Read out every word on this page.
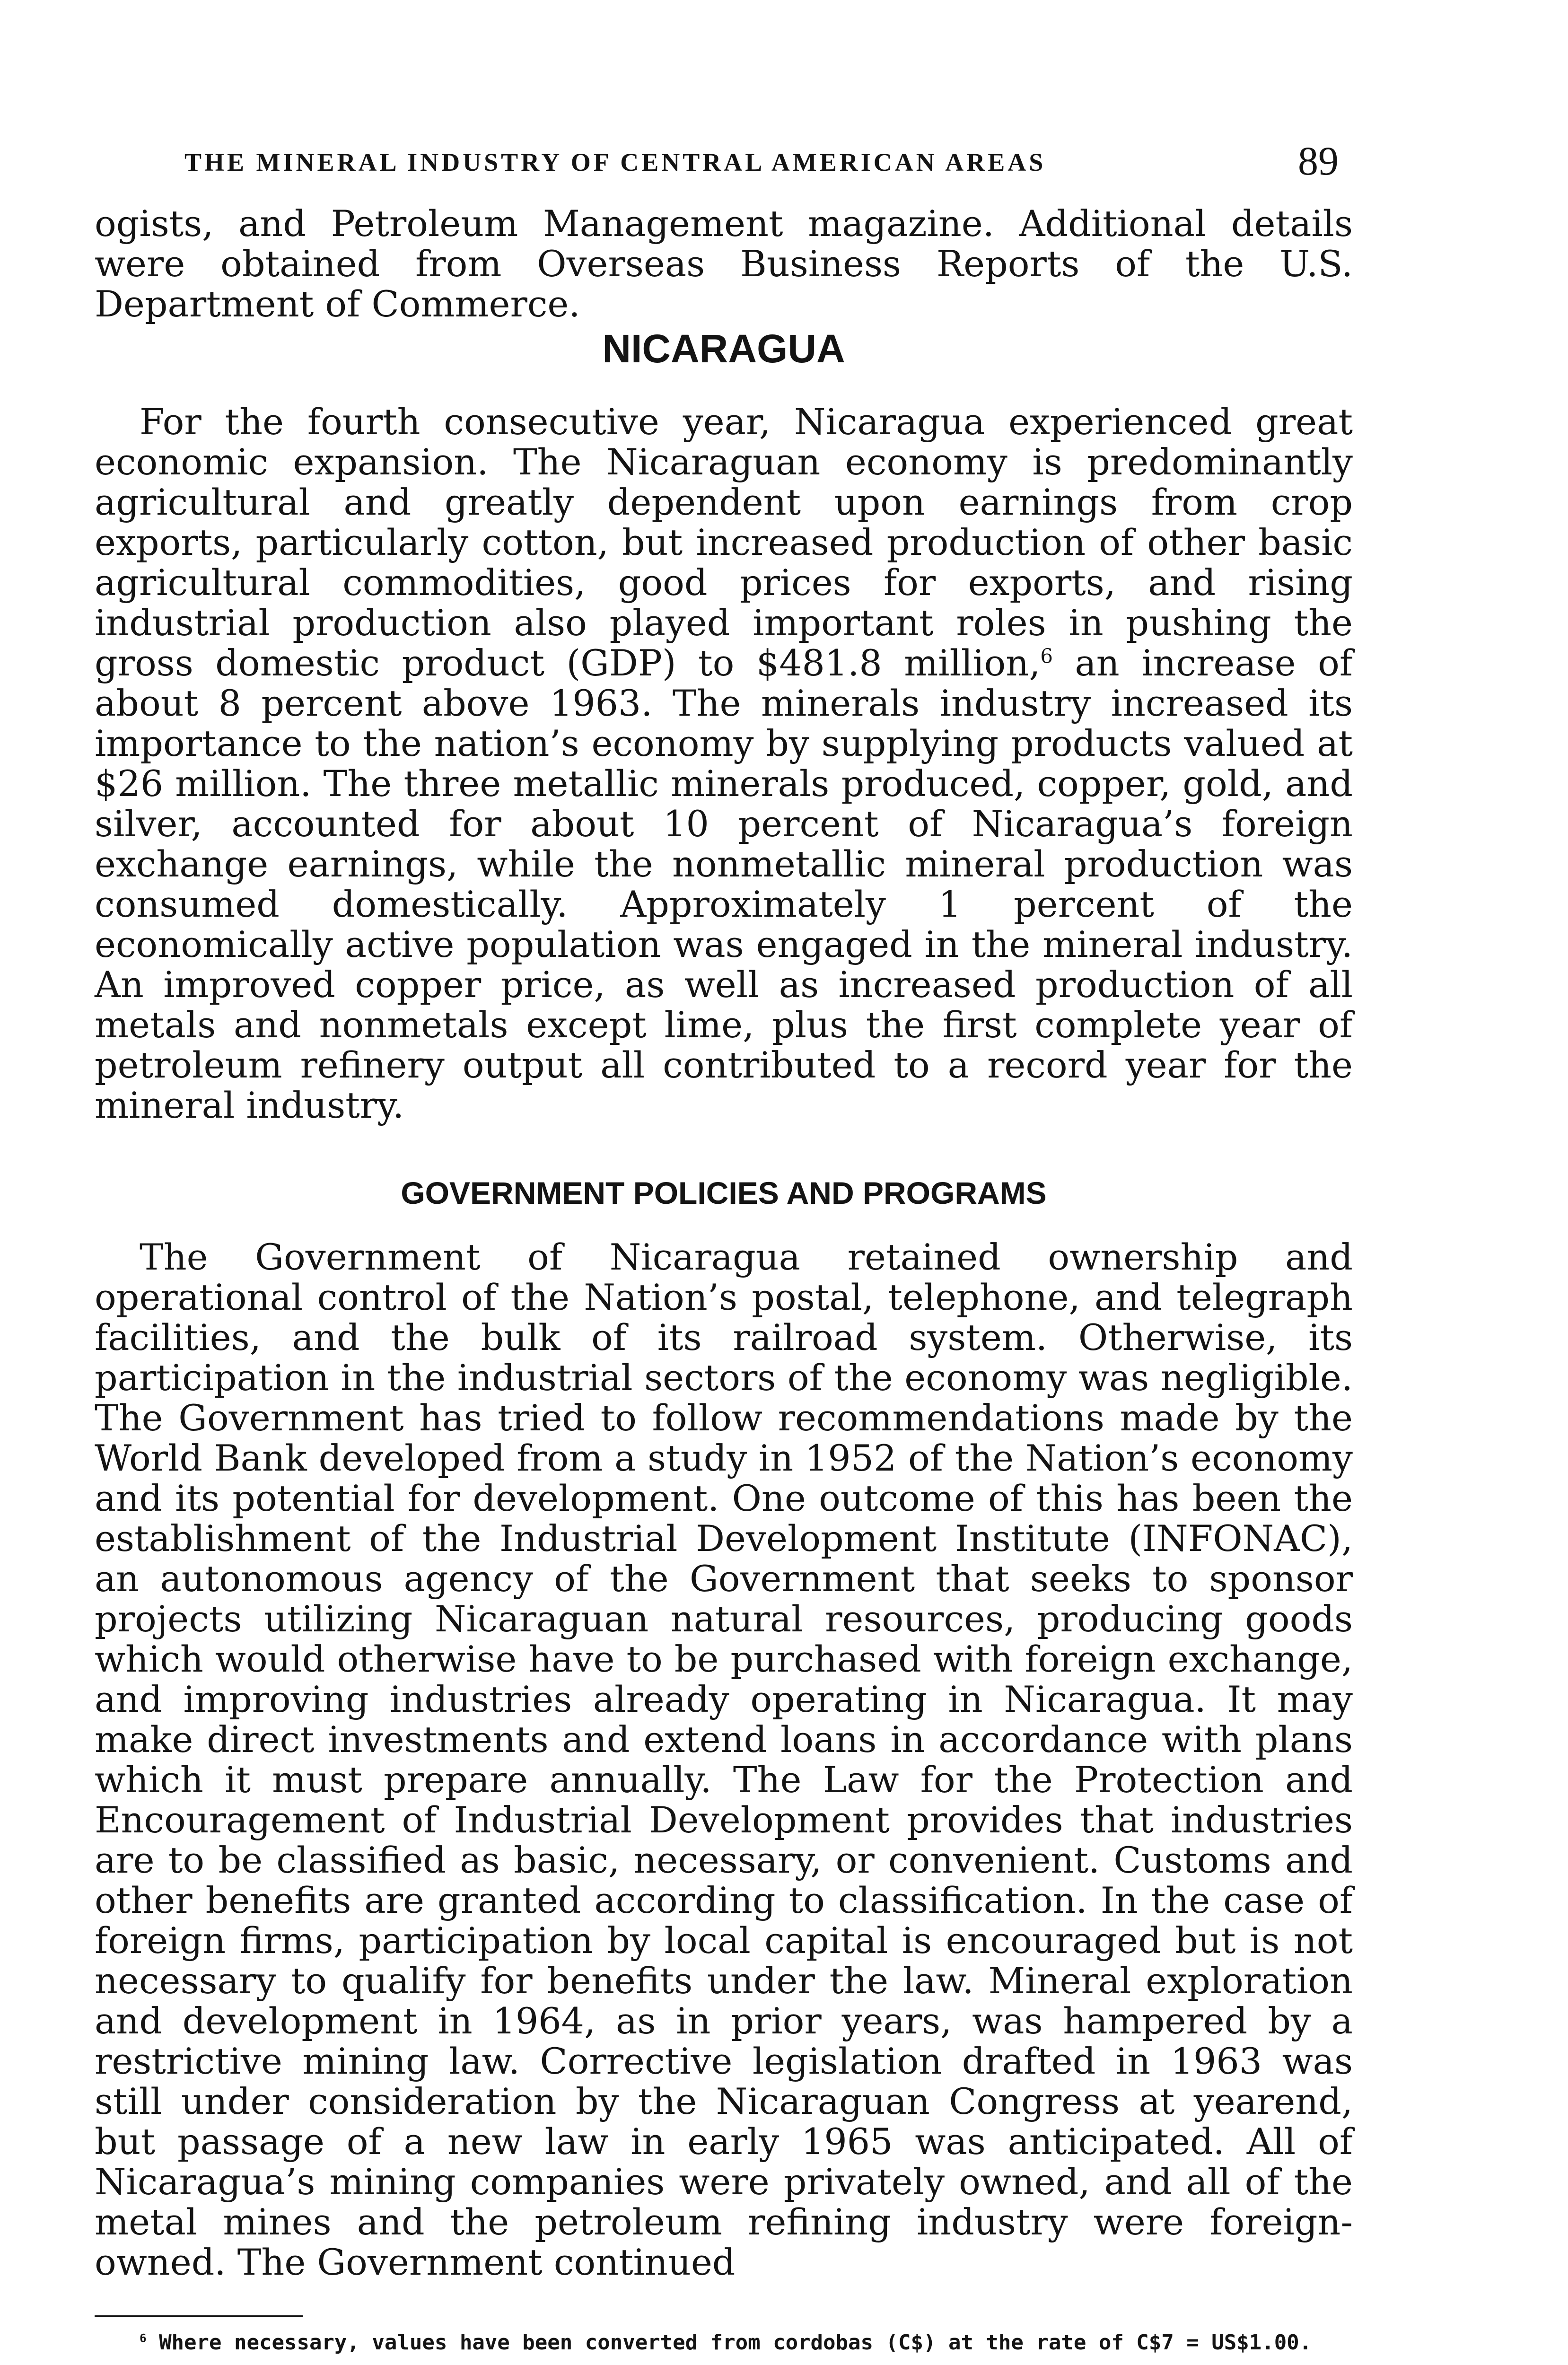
THE MINERAL INDUSTRY OF CENTRAL AMERICAN AREAS	89

ogists, and Petroleum Management magazine. Additional details were obtained from Overseas Business Reports of the U.S. Department of Commerce.

NICARAGUA

For the fourth consecutive year, Nicaragua experienced great economic expansion. The Nicaraguan economy is predominantly agricultural and greatly dependent upon earnings from crop exports, particularly cotton, but increased production of other basic agricultural commodities, good prices for exports, and rising industrial production also played important roles in pushing the gross domestic product (GDP) to $481.8 million,$^6$ an increase of about 8 percent above 1963. The minerals industry increased its importance to the nation’s economy by supplying products valued at $26 million. The three metallic minerals produced, copper, gold, and silver, accounted for about 10 percent of Nicaragua’s foreign exchange earnings, while the nonmetallic mineral production was consumed domestically. Approximately 1 percent of the economically active population was engaged in the mineral industry. An improved copper price, as well as increased production of all metals and nonmetals except lime, plus the first complete year of petroleum refinery output all contributed to a record year for the mineral industry.

GOVERNMENT POLICIES AND PROGRAMS

The Government of Nicaragua retained ownership and operational control of the Nation’s postal, telephone, and telegraph facilities, and the bulk of its railroad system. Otherwise, its participation in the industrial sectors of the economy was negligible. The Government has tried to follow recommendations made by the World Bank developed from a study in 1952 of the Nation’s economy and its potential for development. One outcome of this has been the establishment of the Industrial Development Institute (INFONAC), an autonomous agency of the Government that seeks to sponsor projects utilizing Nicaraguan natural resources, producing goods which would otherwise have to be purchased with foreign exchange, and improving industries already operating in Nicaragua. It may make direct investments and extend loans in accordance with plans which it must prepare annually. The Law for the Protection and Encouragement of Industrial Development provides that industries are to be classified as basic, necessary, or convenient. Customs and other benefits are granted according to classification. In the case of foreign firms, participation by local capital is encouraged but is not necessary to qualify for benefits under the law. Mineral exploration and development in 1964, as in prior years, was hampered by a restrictive mining law. Corrective legislation drafted in 1963 was still under consideration by the Nicaraguan Congress at yearend, but passage of a new law in early 1965 was anticipated. All of Nicaragua’s mining companies were privately owned, and all of the metal mines and the petroleum refining industry were foreign-owned. The Government continued

$^6$ Where necessary, values have been converted from cordobas (C$) at the rate of C$7 = US$1.00.
